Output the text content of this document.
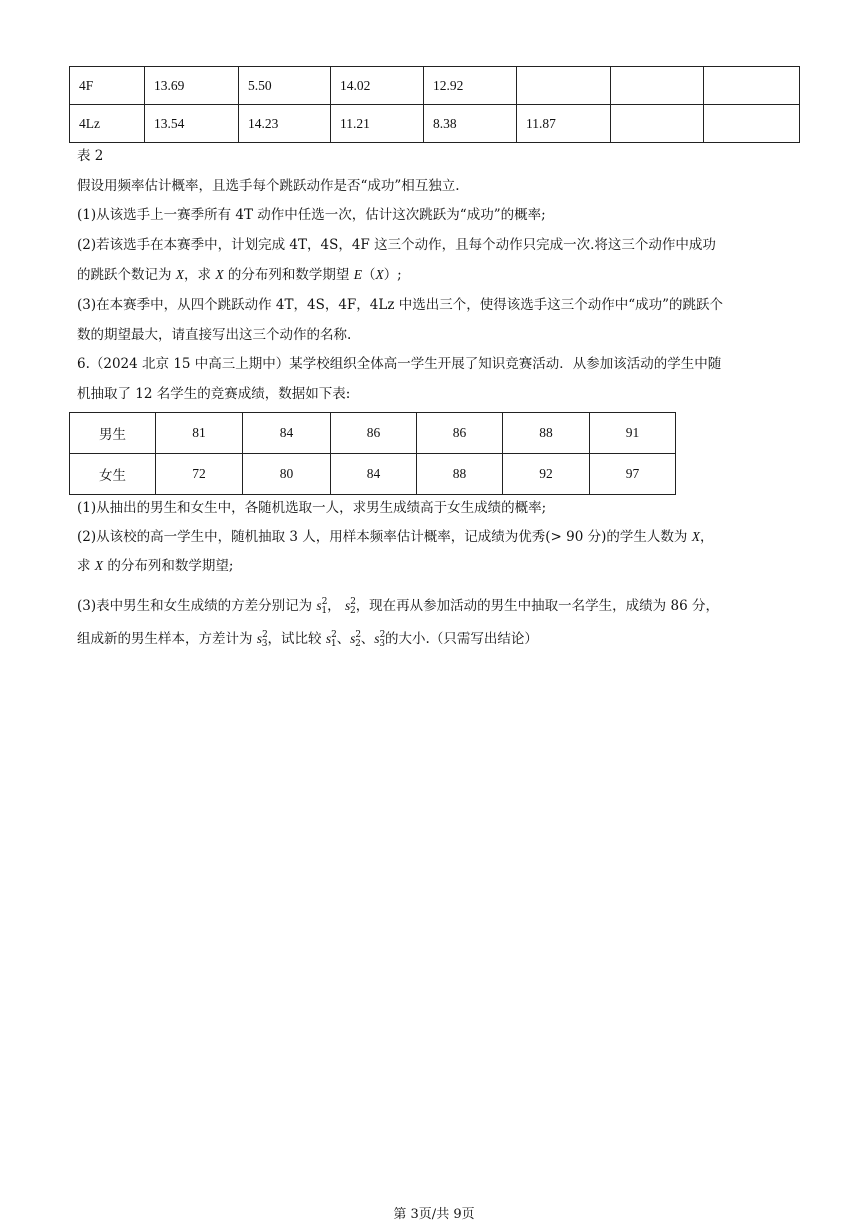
4F	13.69	5.50	14.02	12.92			
4Lz	13.54	14.23	11.21	8.38	11.87		
表 2
假设用频率估计概率，且选手每个跳跃动作是否“成功”相互独立.
(1)从该选手上一赛季所有 4T 动作中任选一次，估计这次跳跃为“成功”的概率;
(2)若该选手在本赛季中，计划完成 4T，4S，4F 这三个动作，且每个动作只完成一次.将这三个动作中成功
的跳跃个数记为 X，求 X 的分布列和数学期望 E（X）;
(3)在本赛季中，从四个跳跃动作 4T，4S，4F，4Lz 中选出三个，使得该选手这三个动作中“成功”的跳跃个
数的期望最大，请直接写出这三个动作的名称.
6.（2024 北京 15 中高三上期中）某学校组织全体高一学生开展了知识竞赛活动．从参加该活动的学生中随
机抽取了 12 名学生的竞赛成绩，数据如下表:
男生	81	84	86	86	88	91
女生	72	80	84	88	92	97
(1)从抽出的男生和女生中，各随机选取一人，求男生成绩高于女生成绩的概率;
(2)从该校的高一学生中，随机抽取 3 人，用样本频率估计概率，记成绩为优秀(> 90 分)的学生人数为 X，
求 X 的分布列和数学期望;
(3)表中男生和女生成绩的方差分别记为 $s^2_1$， $s^2_2$，现在再从参加活动的男生中抽取一名学生，成绩为 86 分，
组成新的男生样本，方差计为 $s^2_3$，试比较 $s^2_1$、$s^2_2$、$s^2_3$的大小.（只需写出结论）
第 3页/共 9页
